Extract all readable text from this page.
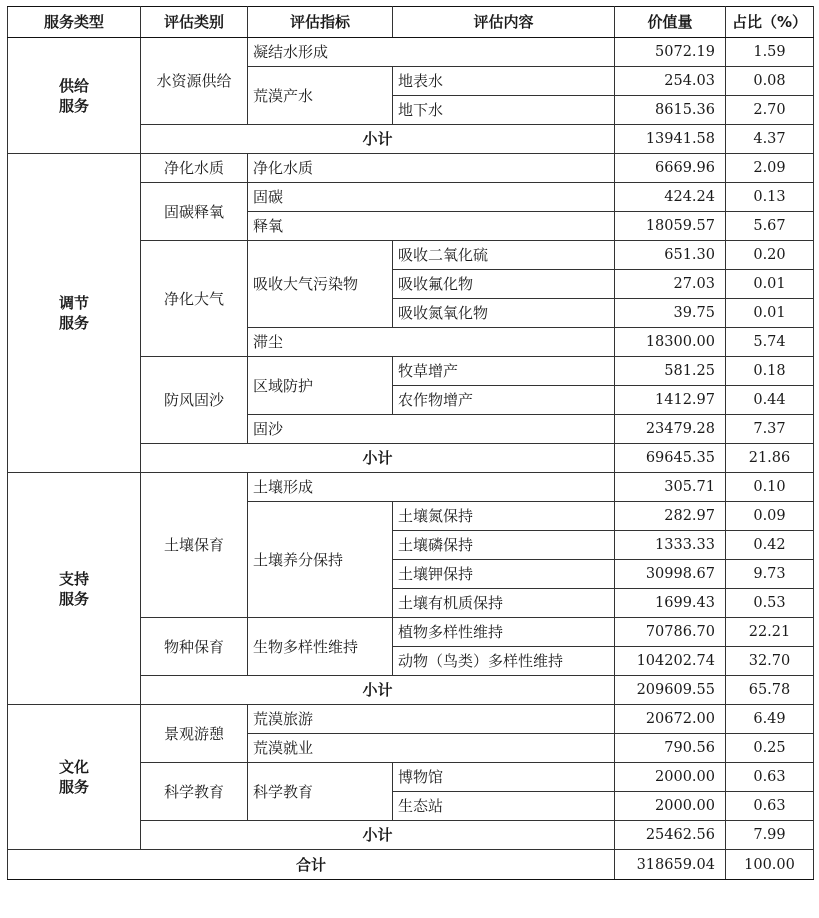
服务类型	评估类别	评估指标	评估内容	价值量	占比（%）
供给服务	水资源供给	凝结水形成		5072.19	1.59
		荒漠产水	地表水	254.03	0.08
			地下水	8615.36	2.70
	小计			13941.58	4.37
调节服务	净化水质	净化水质		6669.96	2.09
	固碳释氧	固碳		424.24	0.13
		释氧		18059.57	5.67
	净化大气	吸收大气污染物	吸收二氧化硫	651.30	0.20
			吸收氟化物	27.03	0.01
			吸收氮氧化物	39.75	0.01
		滞尘		18300.00	5.74
	防风固沙	区域防护	牧草增产	581.25	0.18
			农作物增产	1412.97	0.44
		固沙		23479.28	7.37
	小计			69645.35	21.86
支持服务	土壤保育	土壤形成		305.71	0.10
		土壤养分保持	土壤氮保持	282.97	0.09
			土壤磷保持	1333.33	0.42
			土壤钾保持	30998.67	9.73
			土壤有机质保持	1699.43	0.53
	物种保育	生物多样性维持	植物多样性维持	70786.70	22.21
			动物（鸟类）多样性维持	104202.74	32.70
	小计			209609.55	65.78
文化服务	景观游憩	荒漠旅游		20672.00	6.49
		荒漠就业		790.56	0.25
	科学教育	科学教育	博物馆	2000.00	0.63
			生态站	2000.00	0.63
	小计			25462.56	7.99
合计				318659.04	100.00
